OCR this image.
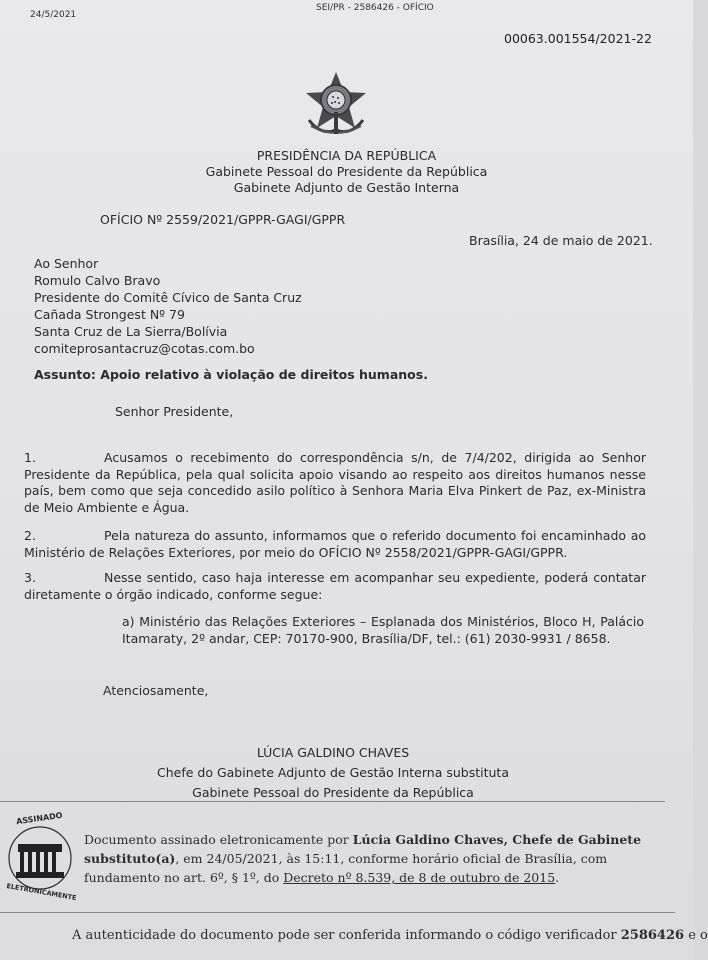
24/5/2021
SEI/PR - 2586426 - OFÍCIO
00063.001554/2021-22
PRESIDÊNCIA DA REPÚBLICA
Gabinete Pessoal do Presidente da República
Gabinete Adjunto de Gestão Interna
OFÍCIO Nº 2559/2021/GPPR-GAGI/GPPR
Brasília, 24 de maio de 2021.
Ao Senhor
Romulo Calvo Bravo
Presidente do Comitê Cívico de Santa Cruz
Cañada Strongest Nº 79
Santa Cruz de La Sierra/Bolívia
comiteprosantacruz@cotas.com.bo
Assunto: Apoio relativo à violação de direitos humanos.
Senhor Presidente,
1.	Acusamos o recebimento do correspondência s/n, de 7/4/202, dirigida ao Senhor Presidente da República, pela qual solicita apoio visando ao respeito aos direitos humanos nesse país, bem como que seja concedido asilo político à Senhora Maria Elva Pinkert de Paz, ex-Ministra de Meio Ambiente e Água.
2.	Pela natureza do assunto, informamos que o referido documento foi encaminhado ao Ministério de Relações Exteriores, por meio do OFÍCIO Nº 2558/2021/GPPR-GAGI/GPPR.
3.	Nesse sentido, caso haja interesse em acompanhar seu expediente, poderá contatar diretamente o órgão indicado, conforme segue:
a) Ministério das Relações Exteriores – Esplanada dos Ministérios, Bloco H, Palácio Itamaraty, 2º andar, CEP: 70170-900, Brasília/DF, tel.: (61) 2030-9931 / 8658.
Atenciosamente,
LÚCIA GALDINO CHAVES
Chefe do Gabinete Adjunto de Gestão Interna substituta
Gabinete Pessoal do Presidente da República
ASSINADO
ELETRONICAMENTE
Documento assinado eletronicamente por Lúcia Galdino Chaves, Chefe de Gabinete substituto(a), em 24/05/2021, às 15:11, conforme horário oficial de Brasília, com fundamento no art. 6º, § 1º, do Decreto nº 8.539, de 8 de outubro de 2015.
A autenticidade do documento pode ser conferida informando o código verificador 2586426 e o
